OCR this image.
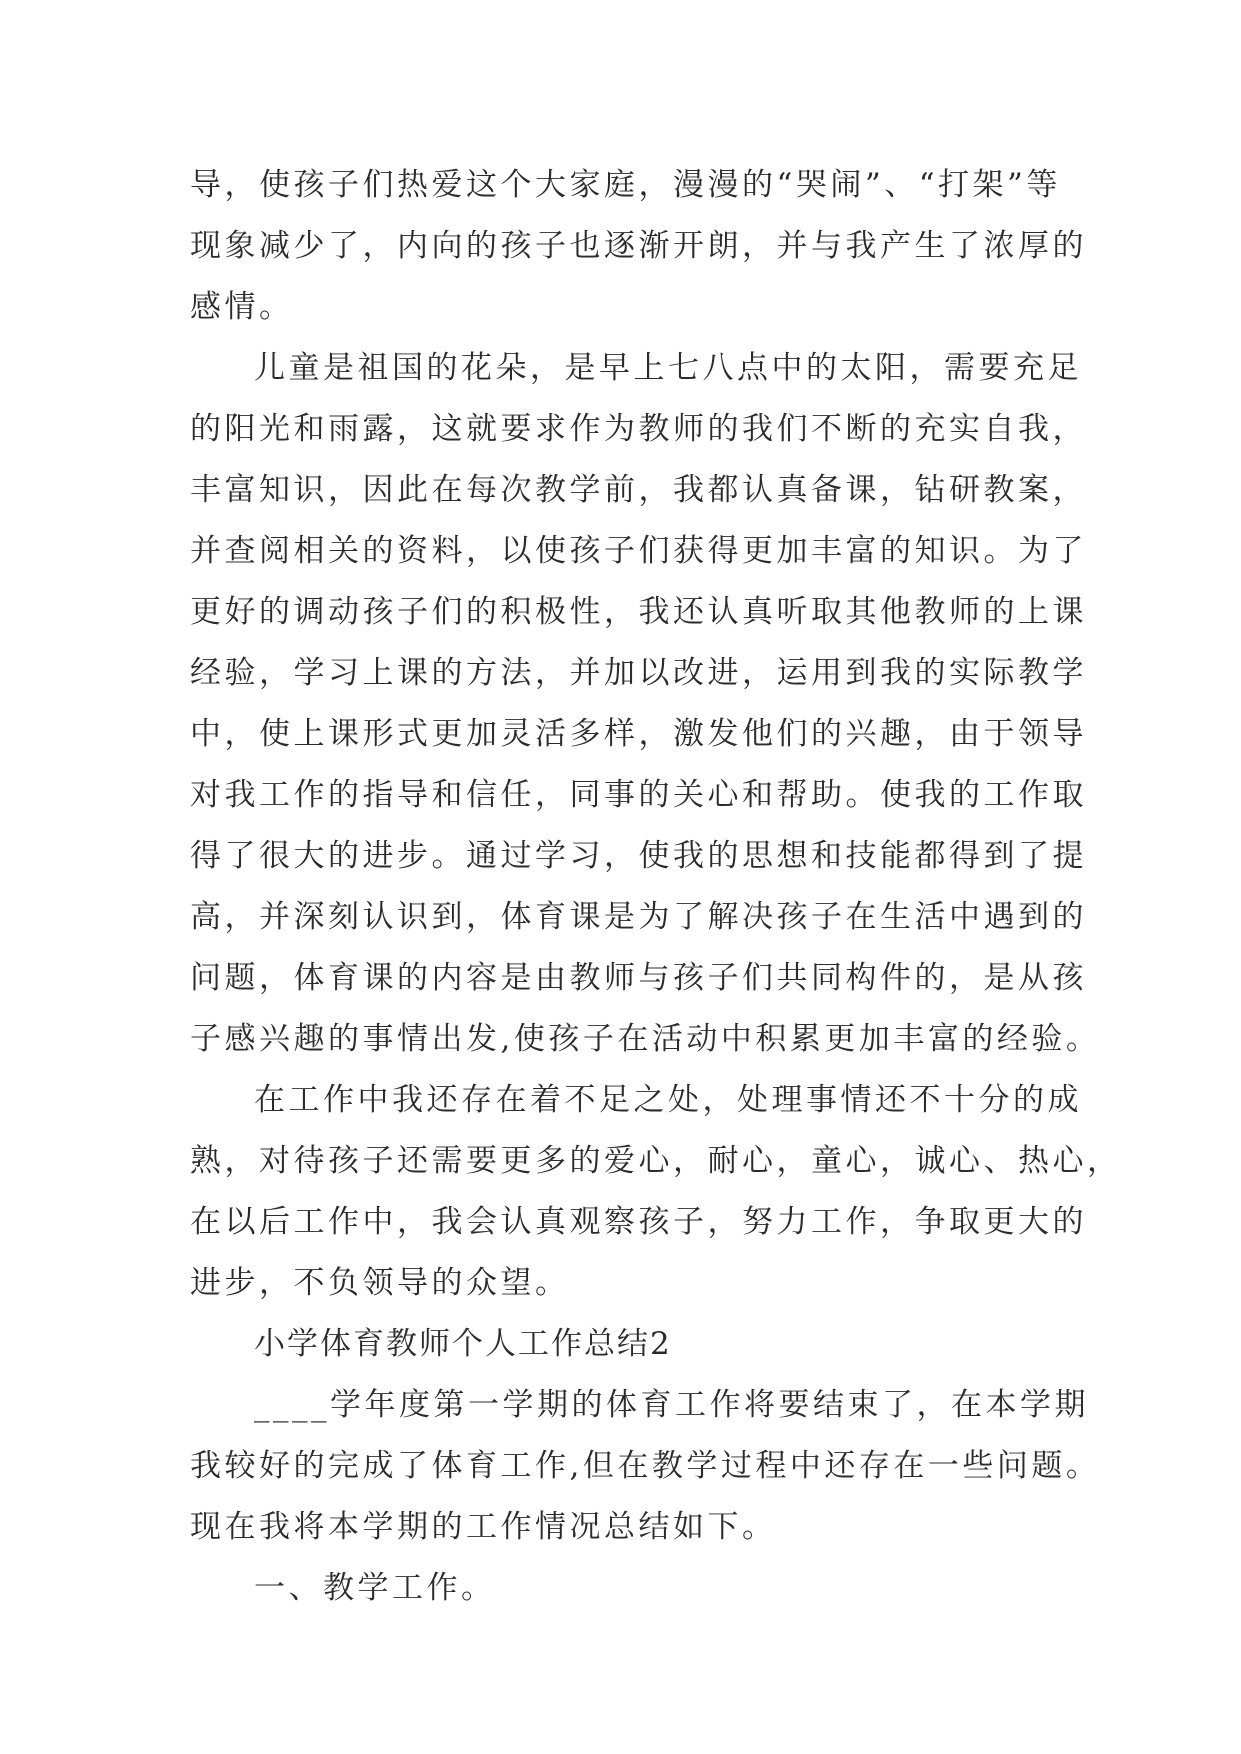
导，使孩子们热爱这个大家庭，漫漫的“哭闹”、“打架”等
现象减少了，内向的孩子也逐渐开朗，并与我产生了浓厚的
感情。
儿童是祖国的花朵，是早上七八点中的太阳，需要充足
的阳光和雨露，这就要求作为教师的我们不断的充实自我，
丰富知识，因此在每次教学前，我都认真备课，钻研教案，
并查阅相关的资料，以使孩子们获得更加丰富的知识。为了
更好的调动孩子们的积极性，我还认真听取其他教师的上课
经验，学习上课的方法，并加以改进，运用到我的实际教学
中，使上课形式更加灵活多样，激发他们的兴趣，由于领导
对我工作的指导和信任，同事的关心和帮助。使我的工作取
得了很大的进步。通过学习，使我的思想和技能都得到了提
高，并深刻认识到，体育课是为了解决孩子在生活中遇到的
问题，体育课的内容是由教师与孩子们共同构件的，是从孩
子感兴趣的事情出发,使孩子在活动中积累更加丰富的经验。
在工作中我还存在着不足之处，处理事情还不十分的成
熟，对待孩子还需要更多的爱心，耐心，童心，诚心、热心，
在以后工作中，我会认真观察孩子，努力工作，争取更大的
进步，不负领导的众望。
小学体育教师个人工作总结2
____学年度第一学期的体育工作将要结束了，在本学期
我较好的完成了体育工作,但在教学过程中还存在一些问题。
现在我将本学期的工作情况总结如下。
一、教学工作。
